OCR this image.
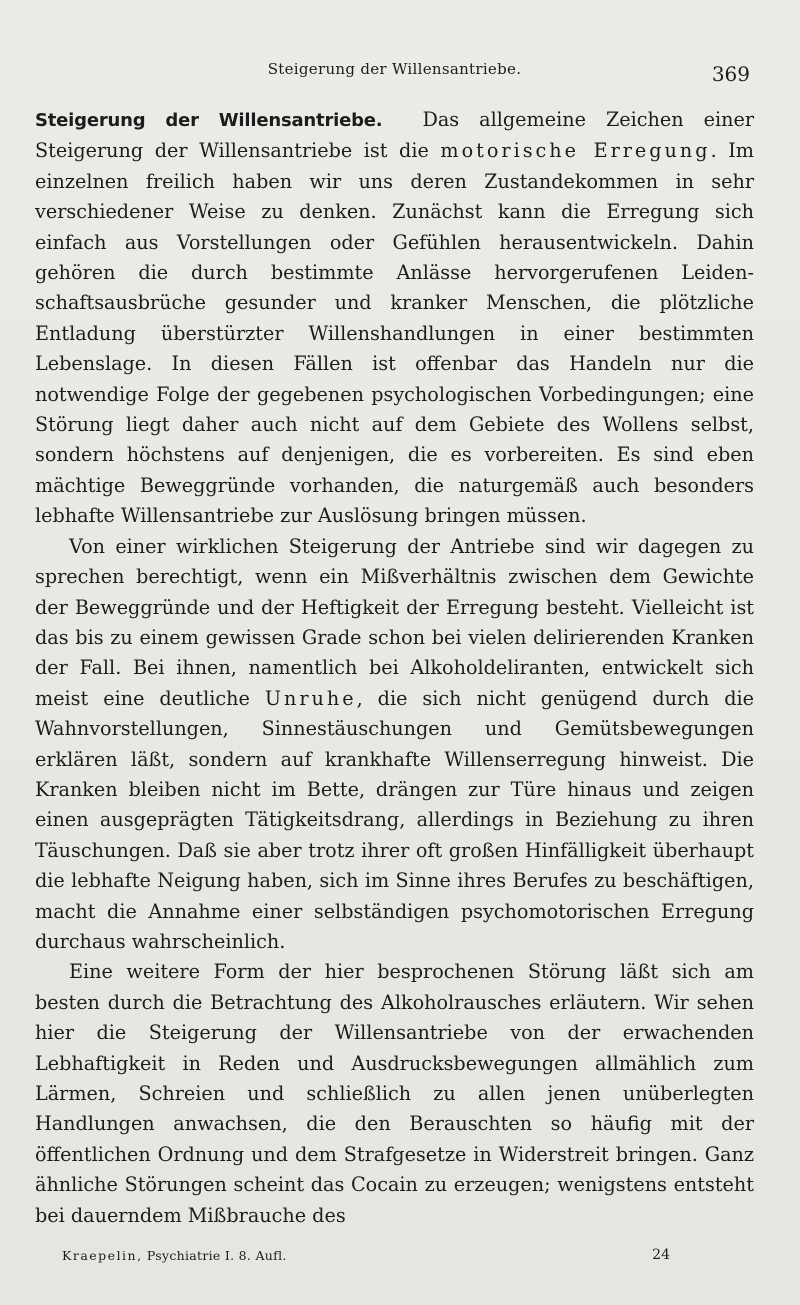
Steigerung der Willensantriebe.	369

Steigerung der Willensantriebe. Das allgemeine Zeichen einer Steigerung der Willensantriebe ist die motorische Erregung. Im einzelnen freilich haben wir uns deren Zustandekommen in sehr verschiedener Weise zu denken. Zunächst kann die Erregung sich einfach aus Vorstellungen oder Gefühlen herausentwickeln. Dahin gehören die durch bestimmte Anlässe hervorgerufenen Leidenschaftsausbrüche gesunder und kranker Menschen, die plötzliche Entladung überstürzter Willenshandlungen in einer bestimmten Lebenslage. In diesen Fällen ist offenbar das Handeln nur die notwendige Folge der gegebenen psychologischen Vorbedingungen; eine Störung liegt daher auch nicht auf dem Gebiete des Wollens selbst, sondern höchstens auf denjenigen, die es vorbereiten. Es sind eben mächtige Beweggründe vorhanden, die naturgemäß auch besonders lebhafte Willensantriebe zur Auslösung bringen müssen.

Von einer wirklichen Steigerung der Antriebe sind wir dagegen zu sprechen berechtigt, wenn ein Mißverhältnis zwischen dem Gewichte der Beweggründe und der Heftigkeit der Erregung besteht. Vielleicht ist das bis zu einem gewissen Grade schon bei vielen delirierenden Kranken der Fall. Bei ihnen, namentlich bei Alkoholdeliranten, entwickelt sich meist eine deutliche Unruhe, die sich nicht genügend durch die Wahnvorstellungen, Sinnestäuschungen und Gemütsbewegungen erklären läßt, sondern auf krankhafte Willenserregung hinweist. Die Kranken bleiben nicht im Bette, drängen zur Türe hinaus und zeigen einen ausgeprägten Tätigkeitsdrang, allerdings in Beziehung zu ihren Täuschungen. Daß sie aber trotz ihrer oft großen Hinfälligkeit überhaupt die lebhafte Neigung haben, sich im Sinne ihres Berufes zu beschäftigen, macht die Annahme einer selbständigen psychomotorischen Erregung durchaus wahrscheinlich.

Eine weitere Form der hier besprochenen Störung läßt sich am besten durch die Betrachtung des Alkoholrausches erläutern. Wir sehen hier die Steigerung der Willensantriebe von der erwachenden Lebhaftigkeit in Reden und Ausdrucksbewegungen allmählich zum Lärmen, Schreien und schließlich zu allen jenen unüberlegten Handlungen anwachsen, die den Berauschten so häufig mit der öffentlichen Ordnung und dem Strafgesetze in Widerstreit bringen. Ganz ähnliche Störungen scheint das Cocain zu erzeugen; wenigstens entsteht bei dauerndem Mißbrauche des

Kraepelin, Psychiatrie I. 8. Aufl.	24
